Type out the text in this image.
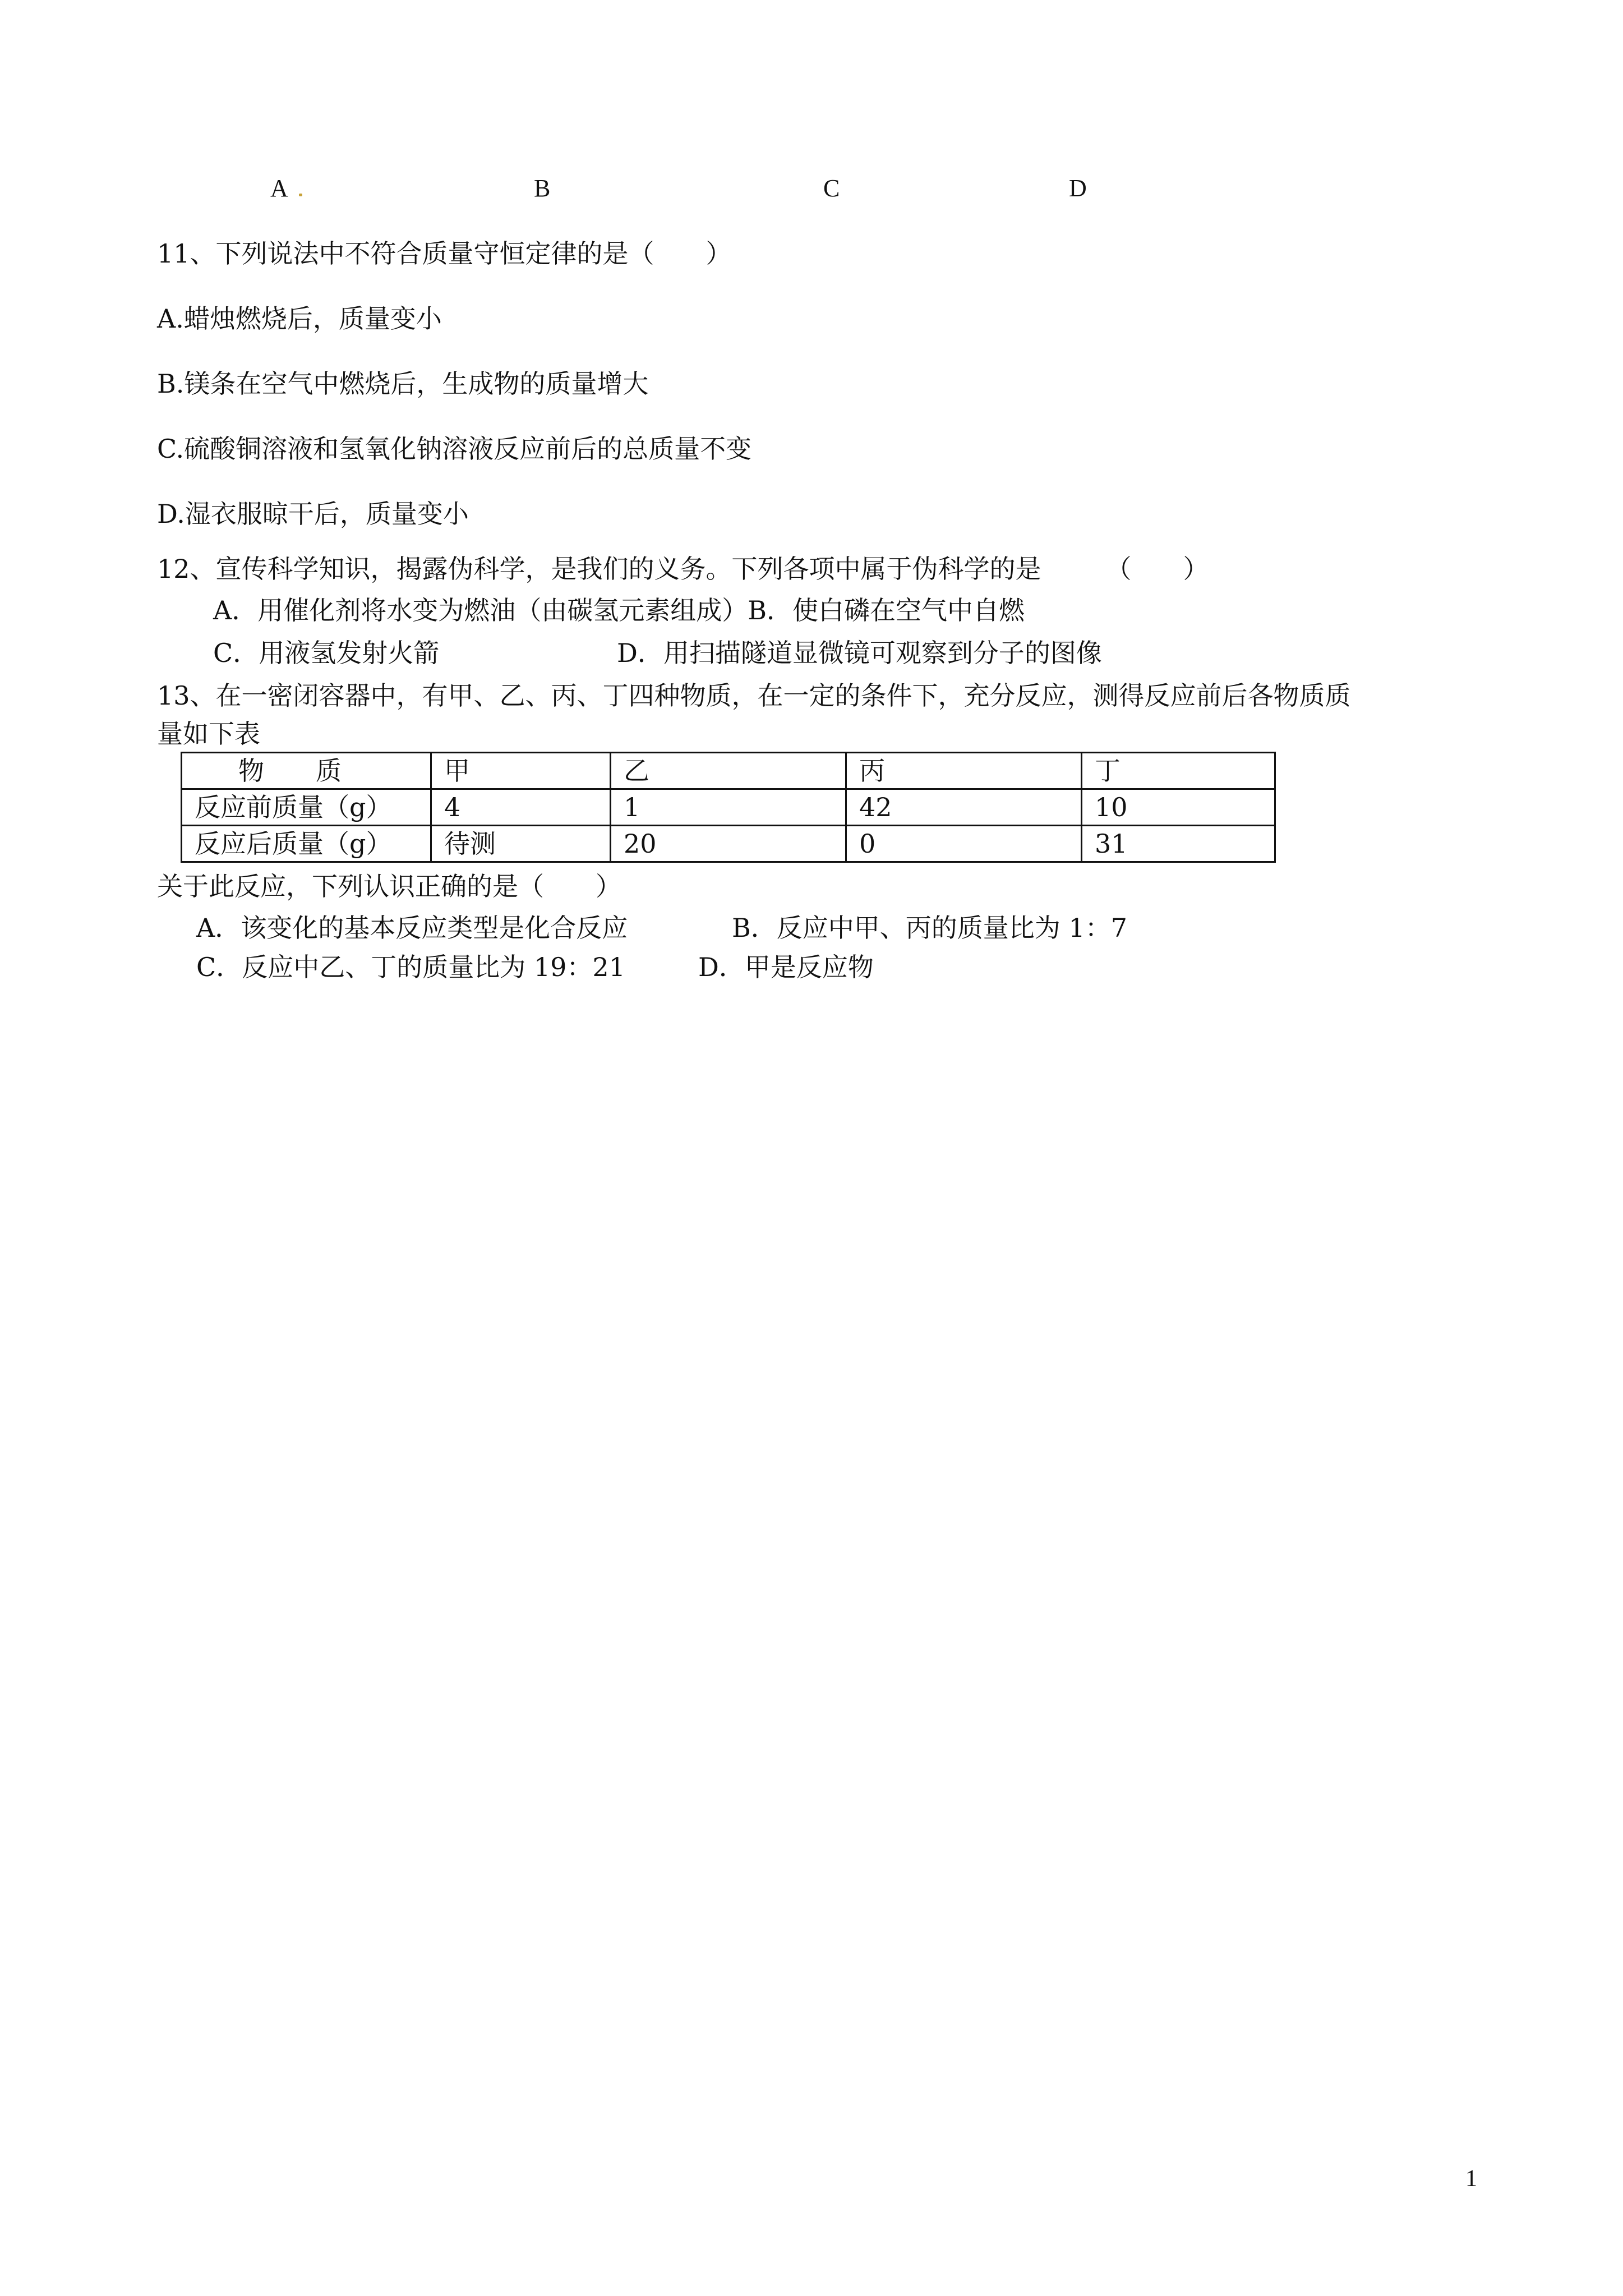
A	B	C	D
11、下列说法中不符合质量守恒定律的是（　　）
A.蜡烛燃烧后，质量变小
B.镁条在空气中燃烧后，生成物的质量增大
C.硫酸铜溶液和氢氧化钠溶液反应前后的总质量不变
D.湿衣服晾干后，质量变小
12、宣传科学知识，揭露伪科学，是我们的义务。下列各项中属于伪科学的是　　　（　　）
A．用催化剂将水变为燃油（由碳氢元素组成）B．使白磷在空气中自燃
C．用液氢发射火箭	D．用扫描隧道显微镜可观察到分子的图像
13、在一密闭容器中，有甲、乙、丙、丁四种物质，在一定的条件下，充分反应，测得反应前后各物质质
量如下表
物　　质	甲	乙	丙	丁
反应前质量（g）	4	1	42	10
反应后质量（g）	待测	20	0	31
关于此反应，下列认识正确的是（　　）
A．该变化的基本反应类型是化合反应	B．反应中甲、丙的质量比为 1：7
C．反应中乙、丁的质量比为 19：21	D．甲是反应物
1
